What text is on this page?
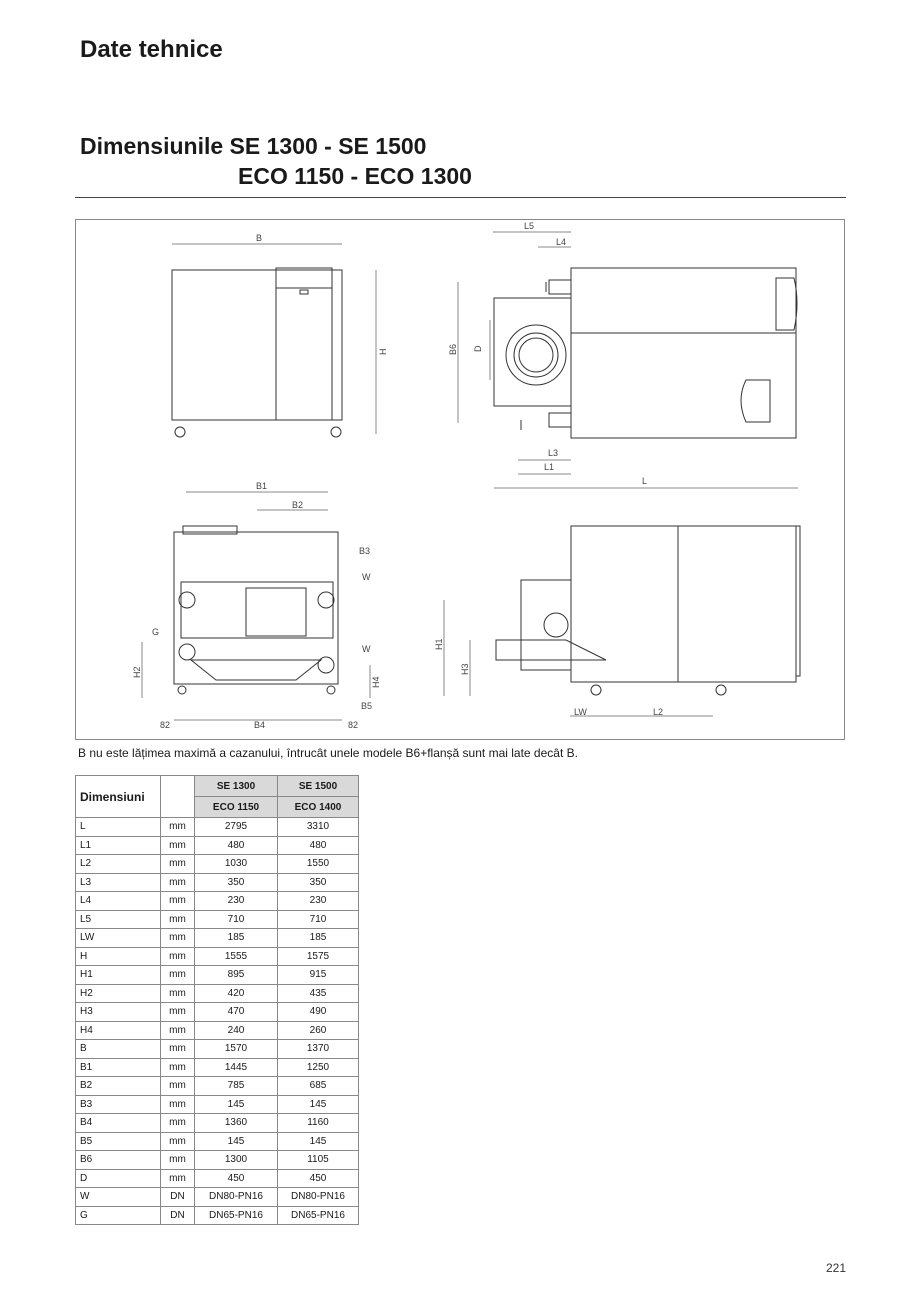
Date tehnice
Dimensiunile SE 1300 - SE 1500
ECO 1150 - ECO 1300
B
H
L5
L4
B6 D
L3
L1
L
B1
B2
B3
W
G
W
H2
H4
B5
82	B4	82
H1
H3
LW	L2
B nu este lățimea maximă a cazanului, întrucât unele modele B6+flanșă sunt mai late decât B.
Dimensiuni		SE 1300	SE 1500
		ECO 1150	ECO 1400
L	mm	2795	3310
L1	mm	480	480
L2	mm	1030	1550
L3	mm	350	350
L4	mm	230	230
L5	mm	710	710
LW	mm	185	185
H	mm	1555	1575
H1	mm	895	915
H2	mm	420	435
H3	mm	470	490
H4	mm	240	260
B	mm	1570	1370
B1	mm	1445	1250
B2	mm	785	685
B3	mm	145	145
B4	mm	1360	1160
B5	mm	145	145
B6	mm	1300	1105
D	mm	450	450
W	DN	DN80-PN16	DN80-PN16
G	DN	DN65-PN16	DN65-PN16
221
